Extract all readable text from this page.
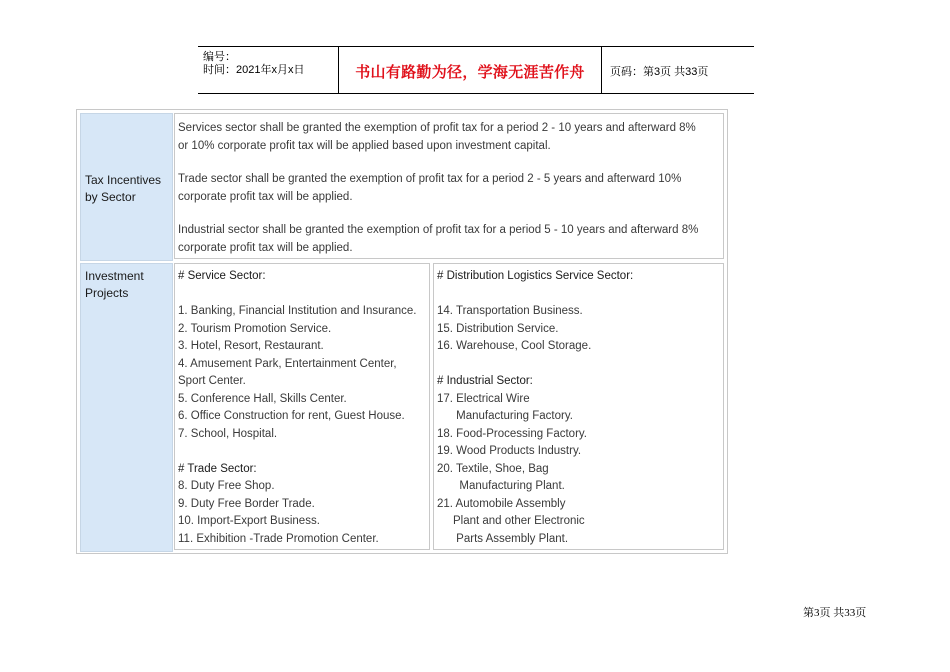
编号：
时间：2021年x月x日	书山有路勤为径，学海无涯苦作舟	页码：第3页 共33页
Tax Incentives
by Sector

Services sector shall be granted the exemption of profit tax for a period 2 - 10 years and afterward 8%
or 10% corporate profit tax will be applied based upon investment capital.

Trade sector shall be granted the exemption of profit tax for a period 2 - 5 years and afterward 10%
corporate profit tax will be applied.

Industrial sector shall be granted the exemption of profit tax for a period 5 - 10 years and afterward 8%
corporate profit tax will be applied.

Investment
Projects
# Service Sector:
1. Banking, Financial Institution and Insurance.
2. Tourism Promotion Service.
3. Hotel, Resort, Restaurant.
4. Amusement Park, Entertainment Center,
Sport Center.
5. Conference Hall, Skills Center.
6. Office Construction for rent, Guest House.
7. School, Hospital.
# Trade Sector:
8. Duty Free Shop.
9. Duty Free Border Trade.
10. Import-Export Business.
11. Exhibition -Trade Promotion Center.
# Distribution Logistics Service Sector:
14. Transportation Business.
15. Distribution Service.
16. Warehouse, Cool Storage.
# Industrial Sector:
17. Electrical Wire
Manufacturing Factory.
18. Food-Processing Factory.
19. Wood Products Industry.
20. Textile, Shoe, Bag
Manufacturing Plant.
21. Automobile Assembly
Plant and other Electronic
Parts Assembly Plant.
第3页 共33页
